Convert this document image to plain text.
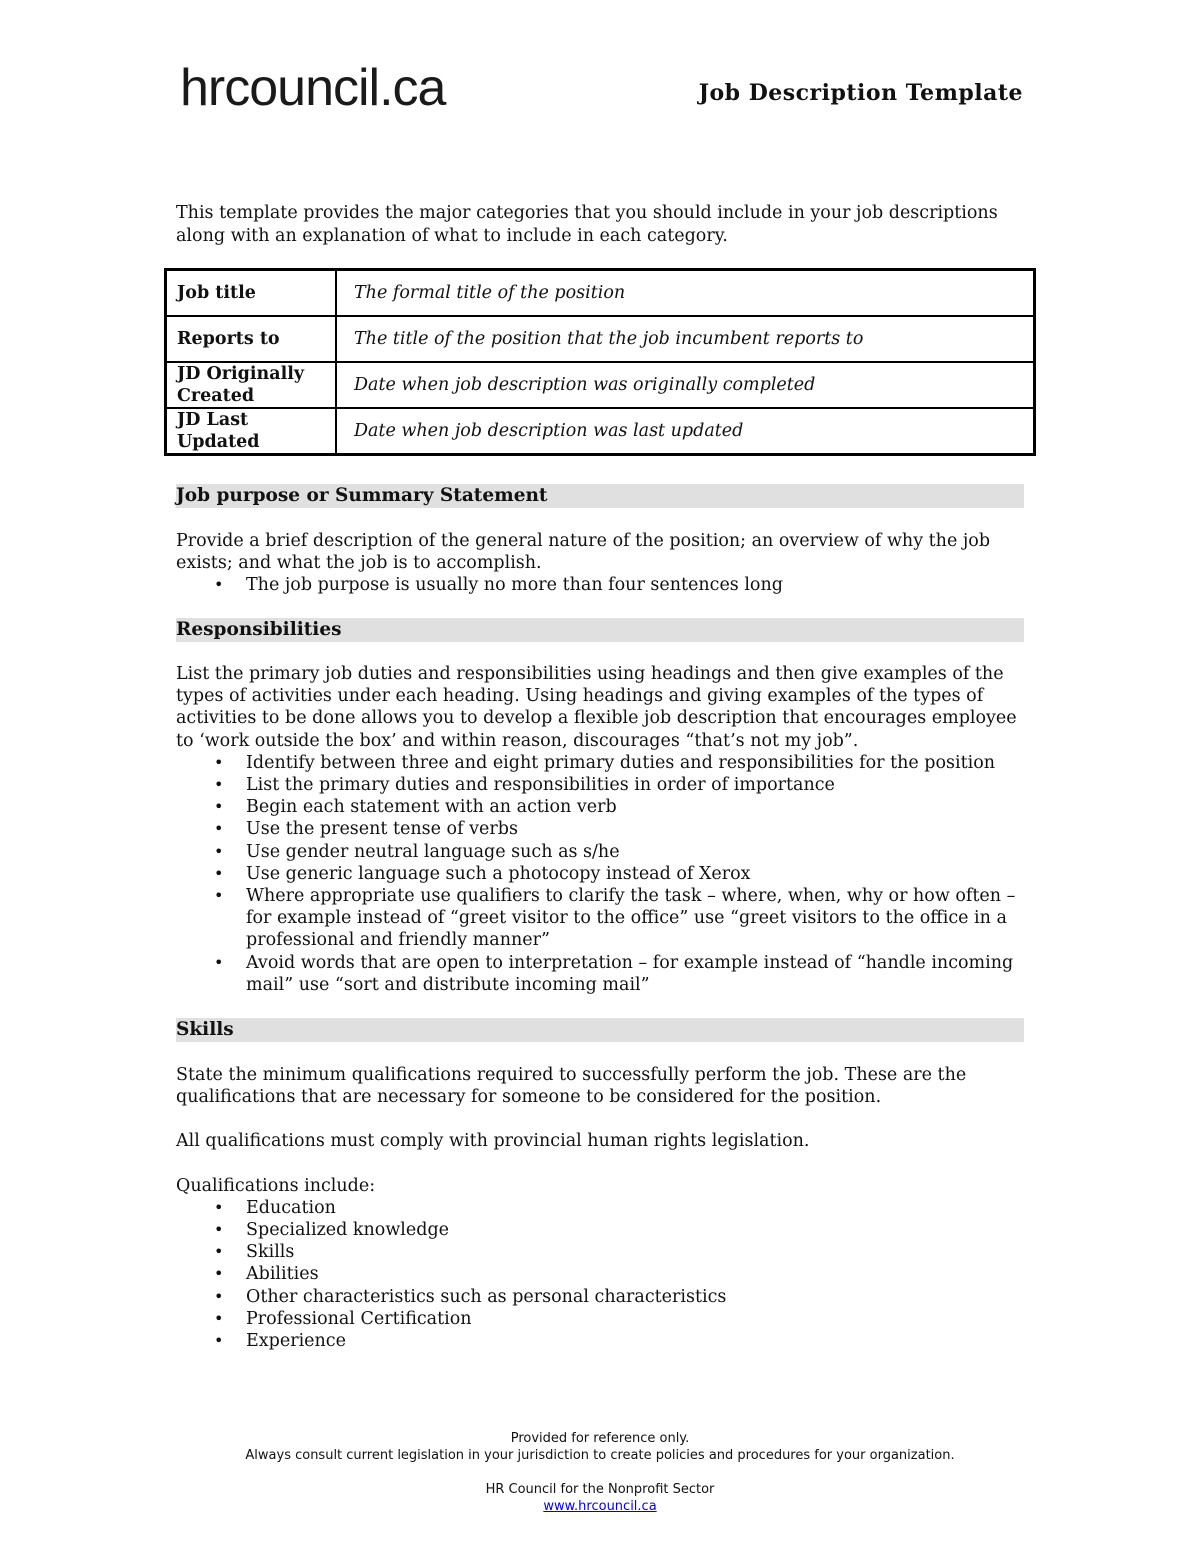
hrcouncil.ca	Job Description Template
This template provides the major categories that you should include in your job descriptions along with an explanation of what to include in each category.
Job title	The formal title of the position
Reports to	The title of the position that the job incumbent reports to
JD Originally Created	Date when job description was originally completed
JD Last Updated	Date when job description was last updated
Job purpose or Summary Statement
Provide a brief description of the general nature of the position; an overview of why the job exists; and what the job is to accomplish.
• The job purpose is usually no more than four sentences long
Responsibilities
List the primary job duties and responsibilities using headings and then give examples of the types of activities under each heading. Using headings and giving examples of the types of activities to be done allows you to develop a flexible job description that encourages employee to ‘work outside the box’ and within reason, discourages “that’s not my job”.
• Identify between three and eight primary duties and responsibilities for the position
• List the primary duties and responsibilities in order of importance
• Begin each statement with an action verb
• Use the present tense of verbs
• Use gender neutral language such as s/he
• Use generic language such a photocopy instead of Xerox
• Where appropriate use qualifiers to clarify the task – where, when, why or how often – for example instead of “greet visitor to the office” use “greet visitors to the office in a professional and friendly manner”
• Avoid words that are open to interpretation – for example instead of “handle incoming mail” use “sort and distribute incoming mail”
Skills
State the minimum qualifications required to successfully perform the job. These are the qualifications that are necessary for someone to be considered for the position.
All qualifications must comply with provincial human rights legislation.
Qualifications include:
• Education
• Specialized knowledge
• Skills
• Abilities
• Other characteristics such as personal characteristics
• Professional Certification
• Experience
Provided for reference only.
Always consult current legislation in your jurisdiction to create policies and procedures for your organization.
HR Council for the Nonprofit Sector
www.hrcouncil.ca
